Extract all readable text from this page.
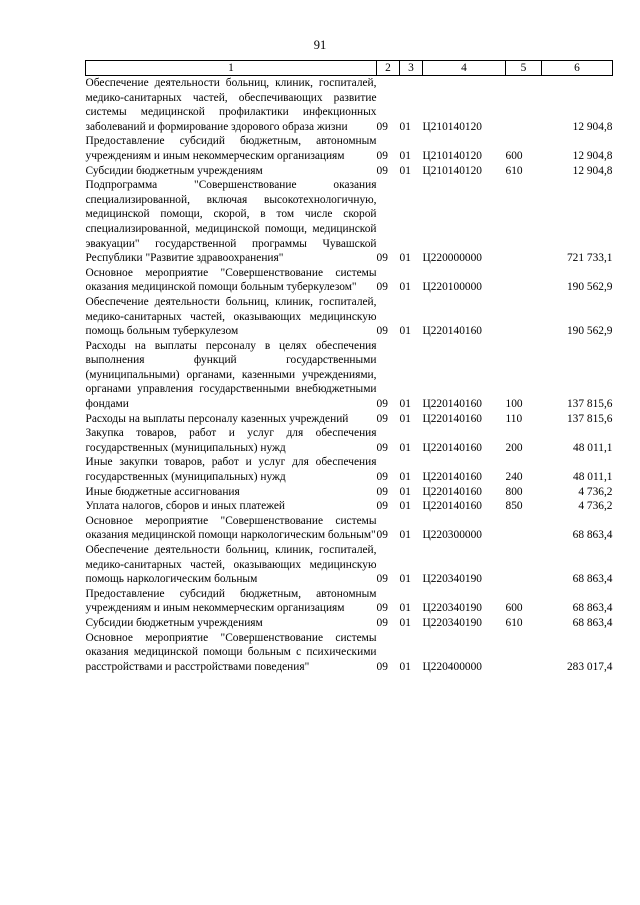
91
1	2	3	4	5	6
Обеспечение деятельности больниц, клиник, госпиталей, медико-санитарных частей, обеспечивающих развитие системы медицинской профилактики инфекционных заболеваний и формирование здорового образа жизни	09	01	Ц210140120		12 904,8
Предоставление субсидий бюджетным, автономным учреждениям и иным некоммерческим организациям	09	01	Ц210140120	600	12 904,8
Субсидии бюджетным учреждениям	09	01	Ц210140120	610	12 904,8
Подпрограмма "Совершенствование оказания специализированной, включая высокотехнологичную, медицинской помощи, скорой, в том числе скорой специализированной, медицинской помощи, медицинской эвакуации" государственной программы Чувашской Республики "Развитие здравоохранения"	09	01	Ц220000000		721 733,1
Основное мероприятие "Совершенствование системы оказания медицинской помощи больным туберкулезом"	09	01	Ц220100000		190 562,9
Обеспечение деятельности больниц, клиник, госпиталей, медико-санитарных частей, оказывающих медицинскую помощь больным туберкулезом	09	01	Ц220140160		190 562,9
Расходы на выплаты персоналу в целях обеспечения выполнения функций государственными (муниципальными) органами, казенными учреждениями, органами управления государственными внебюджетными фондами	09	01	Ц220140160	100	137 815,6
Расходы на выплаты персоналу казенных учреждений	09	01	Ц220140160	110	137 815,6
Закупка товаров, работ и услуг для обеспечения государственных (муниципальных) нужд	09	01	Ц220140160	200	48 011,1
Иные закупки товаров, работ и услуг для обеспечения государственных (муниципальных) нужд	09	01	Ц220140160	240	48 011,1
Иные бюджетные ассигнования	09	01	Ц220140160	800	4 736,2
Уплата налогов, сборов и иных платежей	09	01	Ц220140160	850	4 736,2
Основное мероприятие "Совершенствование системы оказания медицинской помощи наркологическим больным"	09	01	Ц220300000		68 863,4
Обеспечение деятельности больниц, клиник, госпиталей, медико-санитарных частей, оказывающих медицинскую помощь наркологическим больным	09	01	Ц220340190		68 863,4
Предоставление субсидий бюджетным, автономным учреждениям и иным некоммерческим организациям	09	01	Ц220340190	600	68 863,4
Субсидии бюджетным учреждениям	09	01	Ц220340190	610	68 863,4
Основное мероприятие "Совершенствование системы оказания медицинской помощи больным с психическими расстройствами и расстройствами поведения"	09	01	Ц220400000		283 017,4
